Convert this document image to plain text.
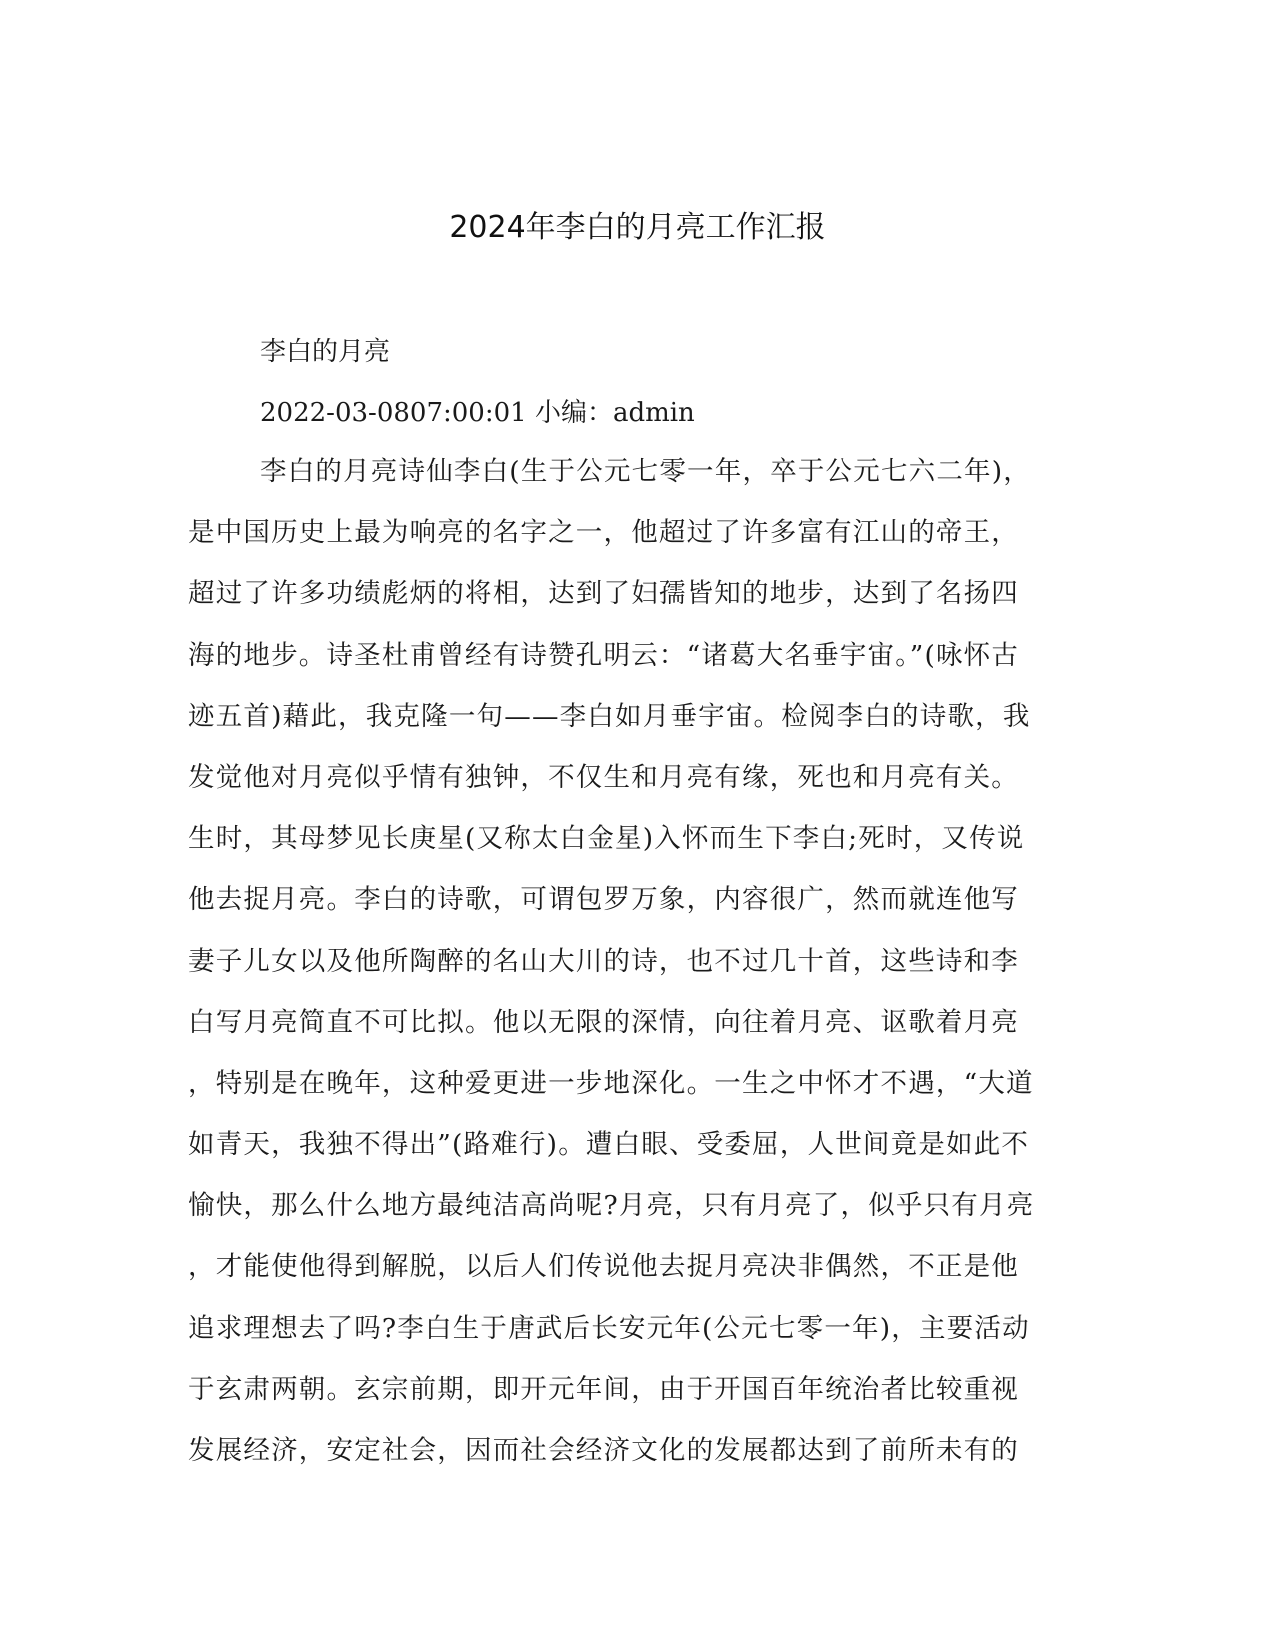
2024年李白的月亮工作汇报

李白的月亮

2022-03-0807:00:01 小编：admin

李白的月亮诗仙李白(生于公元七零一年，卒于公元七六二年)，
是中国历史上最为响亮的名字之一，他超过了许多富有江山的帝王，
超过了许多功绩彪炳的将相，达到了妇孺皆知的地步，达到了名扬四
海的地步。诗圣杜甫曾经有诗赞孔明云：“诸葛大名垂宇宙。”(咏怀古
迹五首)藉此，我克隆一句——李白如月垂宇宙。检阅李白的诗歌，我
发觉他对月亮似乎情有独钟，不仅生和月亮有缘，死也和月亮有关。
生时，其母梦见长庚星(又称太白金星)入怀而生下李白;死时，又传说
他去捉月亮。李白的诗歌，可谓包罗万象，内容很广，然而就连他写
妻子儿女以及他所陶醉的名山大川的诗，也不过几十首，这些诗和李
白写月亮简直不可比拟。他以无限的深情，向往着月亮、讴歌着月亮
，特别是在晚年，这种爱更进一步地深化。一生之中怀才不遇，“大道
如青天，我独不得出”(路难行)。遭白眼、受委屈，人世间竟是如此不
愉快，那么什么地方最纯洁高尚呢?月亮，只有月亮了，似乎只有月亮
，才能使他得到解脱，以后人们传说他去捉月亮决非偶然，不正是他
追求理想去了吗?李白生于唐武后长安元年(公元七零一年)，主要活动
于玄肃两朝。玄宗前期，即开元年间，由于开国百年统治者比较重视
发展经济，安定社会，因而社会经济文化的发展都达到了前所未有的
